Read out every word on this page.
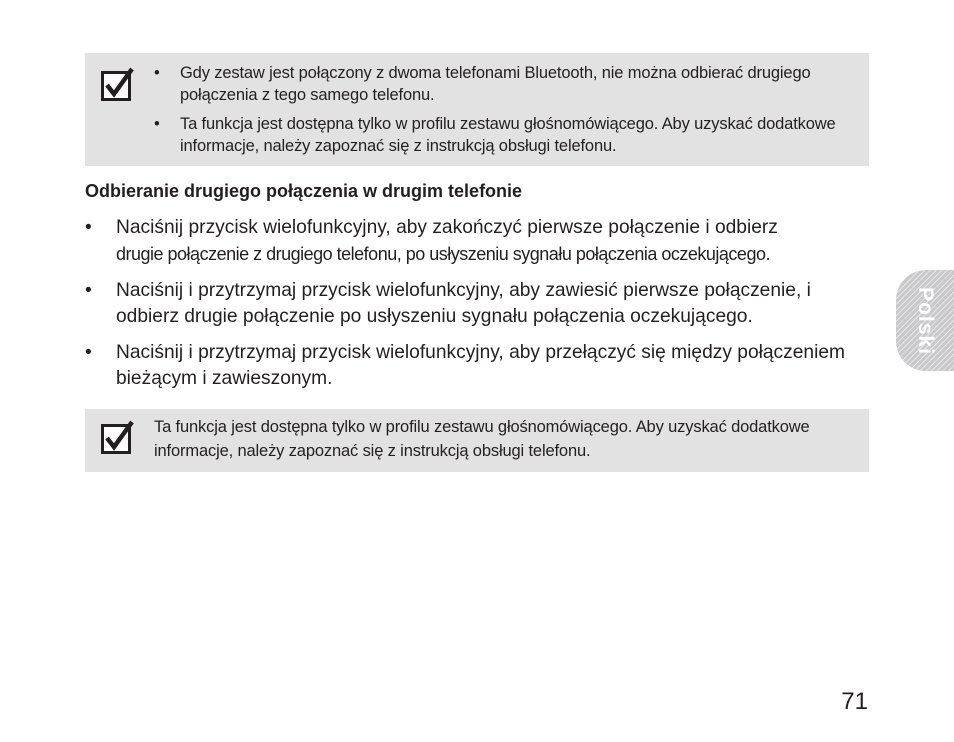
• Gdy zestaw jest połączony z dwoma telefonami Bluetooth, nie można odbierać drugiego połączenia z tego samego telefonu.
• Ta funkcja jest dostępna tylko w profilu zestawu głośnomówiącego. Aby uzyskać dodatkowe informacje, należy zapoznać się z instrukcją obsługi telefonu.
Odbieranie drugiego połączenia w drugim telefonie
• Naciśnij przycisk wielofunkcyjny, aby zakończyć pierwsze połączenie i odbierz
drugie połączenie z drugiego telefonu, po usłyszeniu sygnału połączenia oczekującego.
• Naciśnij i przytrzymaj przycisk wielofunkcyjny, aby zawiesić pierwsze połączenie, i odbierz drugie połączenie po usłyszeniu sygnału połączenia oczekującego.
• Naciśnij i przytrzymaj przycisk wielofunkcyjny, aby przełączyć się między połączeniem bieżącym i zawieszonym.

Ta funkcja jest dostępna tylko w profilu zestawu głośnomówiącego. Aby uzyskać dodatkowe informacje, należy zapoznać się z instrukcją obsługi telefonu.

Polski
71
